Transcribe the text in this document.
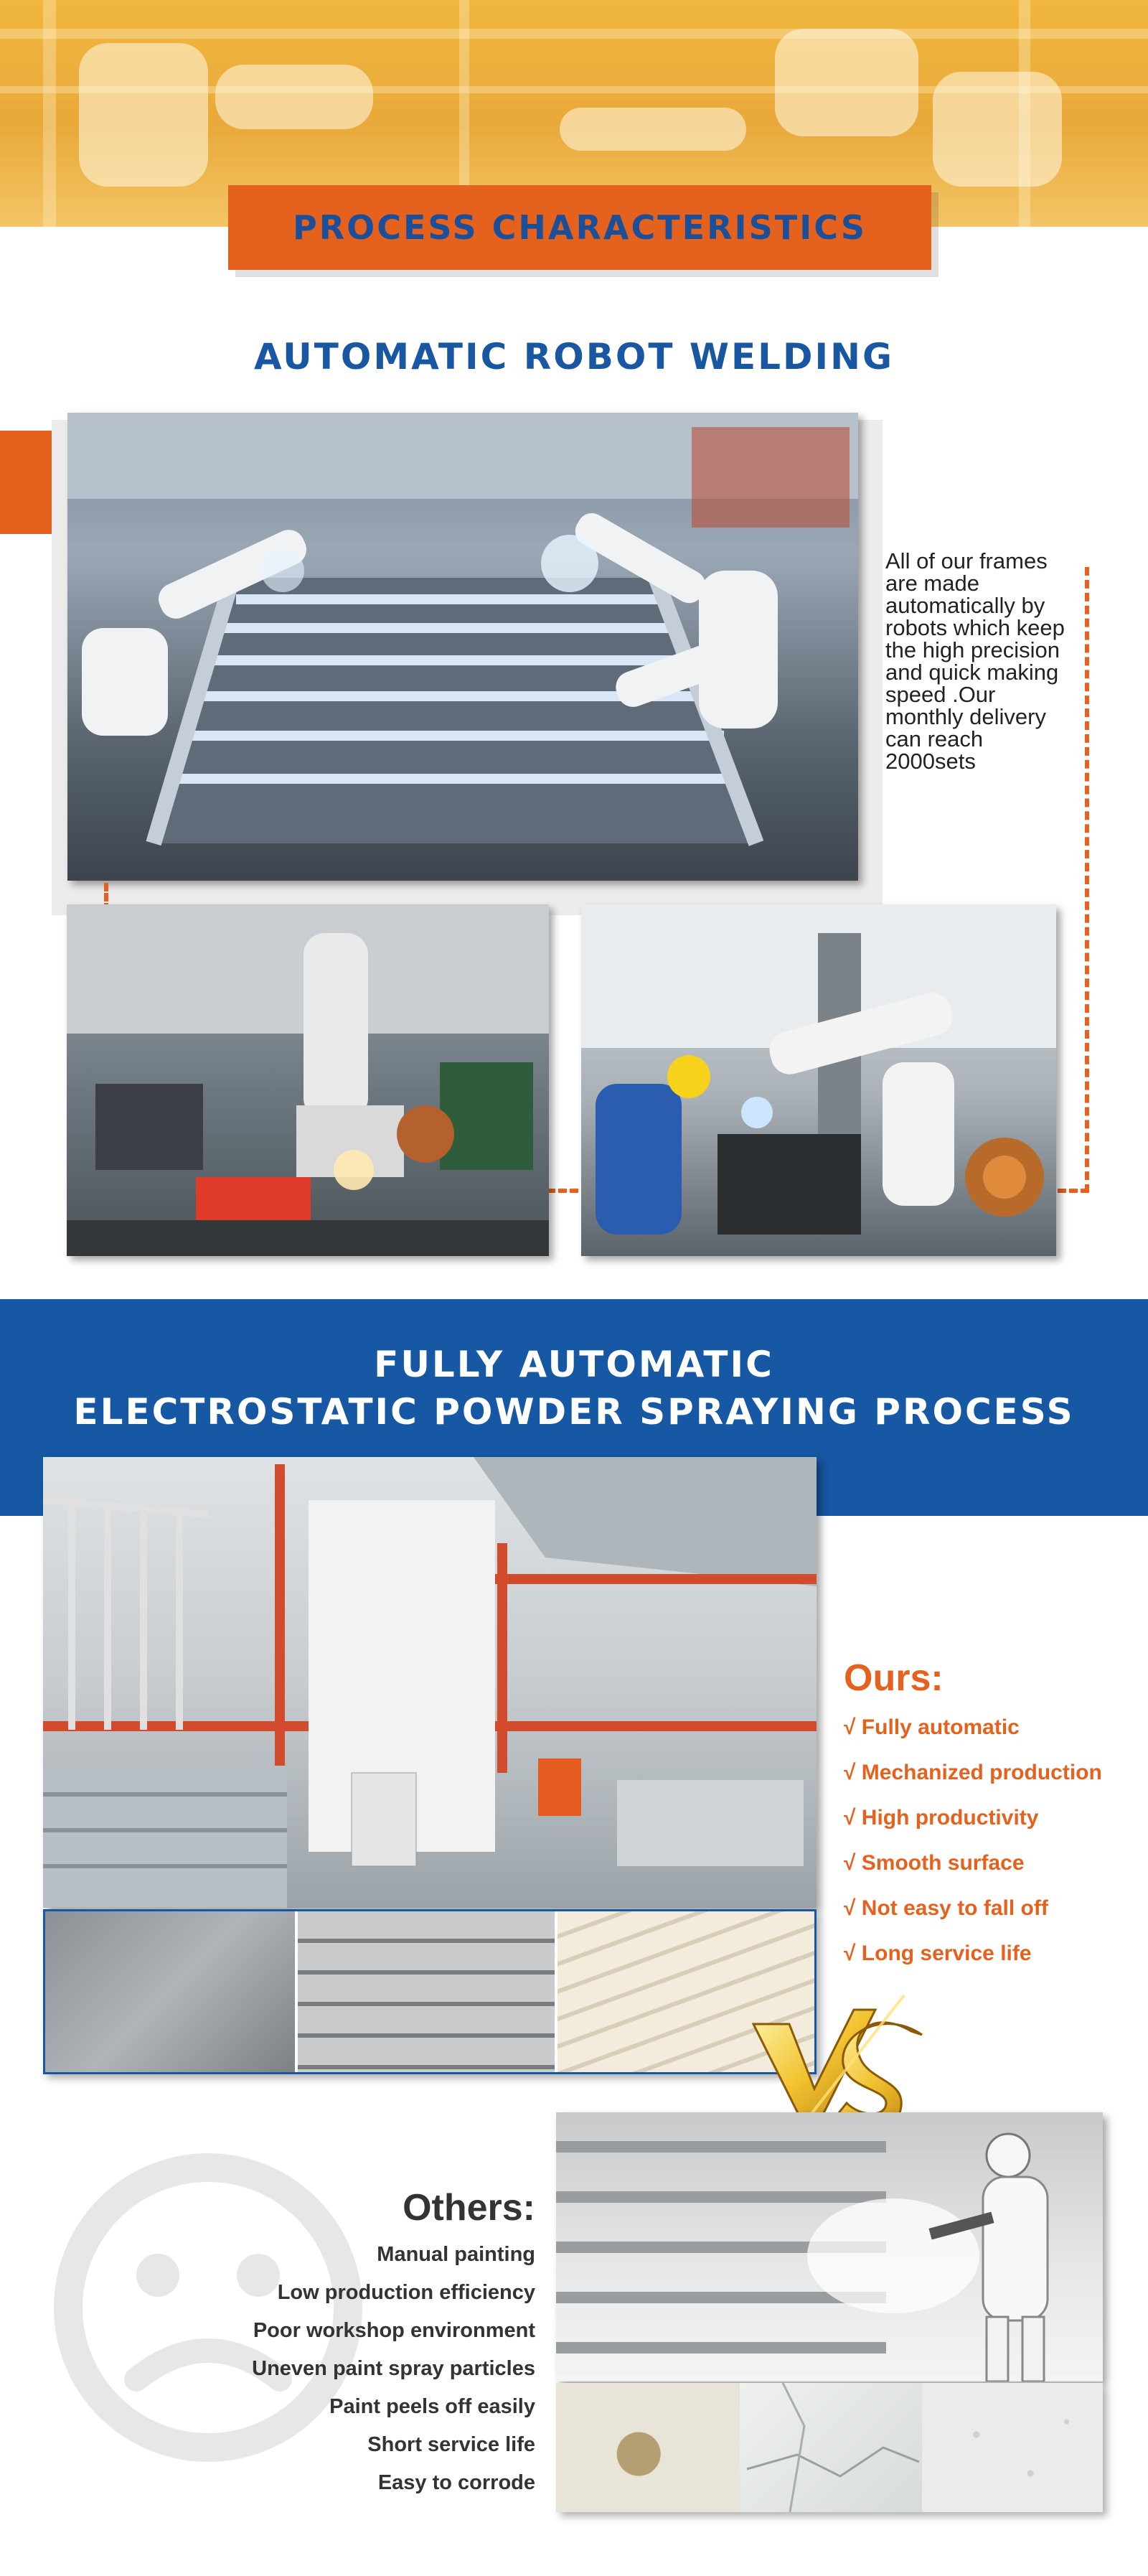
PROCESS CHARACTERISTICS
AUTOMATIC ROBOT WELDING
All of our frames are made automatically by robots which keep the high precision and quick making speed .Our monthly delivery can reach 2000sets
FULLY AUTOMATIC
ELECTROSTATIC POWDER SPRAYING PROCESS
Ours:
√ Fully automatic
√ Mechanized production
√ High productivity
√ Smooth surface
√ Not easy to fall off
√ Long service life
Others:
Manual painting
Low production efficiency
Poor workshop environment
Uneven paint spray particles
Paint peels off easily
Short service life
Easy to corrode
